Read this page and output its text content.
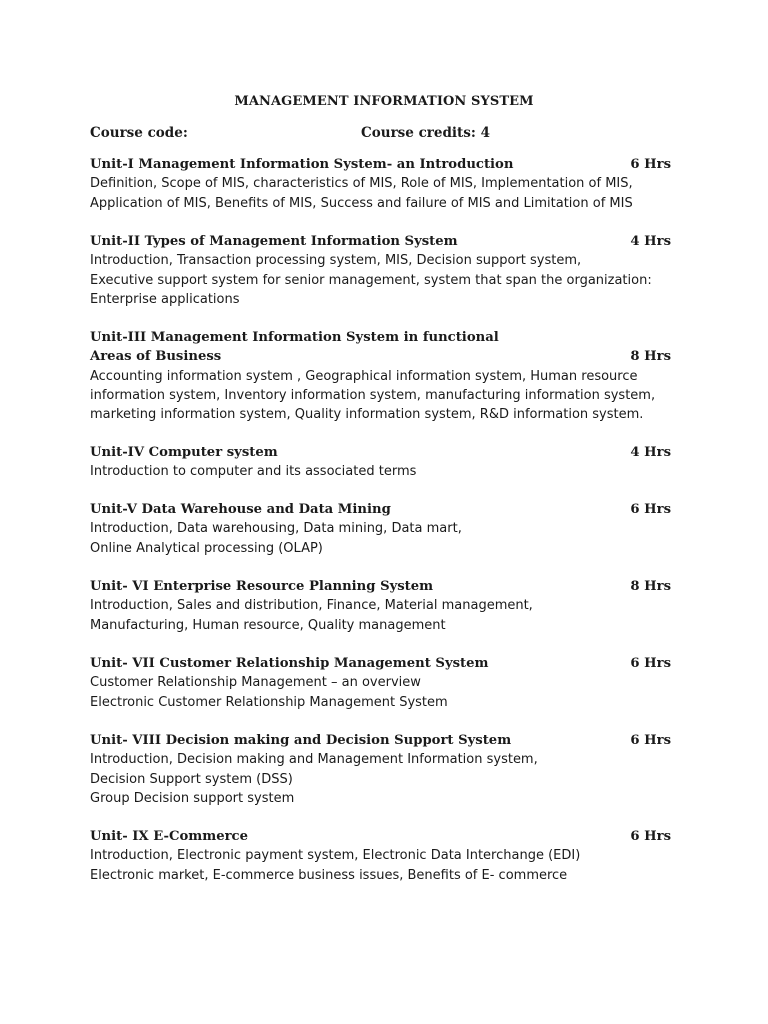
MANAGEMENT INFORMATION SYSTEM
Course code:	Course credits: 4
Unit-I Management Information System- an Introduction	6 Hrs
Definition, Scope of MIS, characteristics of MIS, Role of MIS, Implementation of MIS,
Application of MIS, Benefits of MIS, Success and failure of MIS and Limitation of MIS
Unit-II Types of Management Information System	4 Hrs
Introduction, Transaction processing system, MIS, Decision support system,
Executive support system for senior management, system that span the organization:
Enterprise applications
Unit-III Management Information System in functional
Areas of Business	8 Hrs
Accounting information system , Geographical information system, Human resource
information system, Inventory information system, manufacturing information system,
marketing information system, Quality information system, R&D information system.
Unit-IV Computer system	4 Hrs
Introduction to computer and its associated terms
Unit-V Data Warehouse and Data Mining	6 Hrs
Introduction, Data warehousing, Data mining, Data mart,
Online Analytical processing (OLAP)
Unit- VI Enterprise Resource Planning System	8 Hrs
Introduction, Sales and distribution, Finance, Material management,
Manufacturing, Human resource, Quality management
Unit- VII Customer Relationship Management System	6 Hrs
Customer Relationship Management – an overview
Electronic Customer Relationship Management System
Unit- VIII Decision making and Decision Support System	6 Hrs
Introduction, Decision making and Management Information system,
Decision Support system (DSS)
Group Decision support system
Unit- IX E-Commerce	6 Hrs
Introduction, Electronic payment system, Electronic Data Interchange (EDI)
Electronic market, E-commerce business issues, Benefits of E- commerce
